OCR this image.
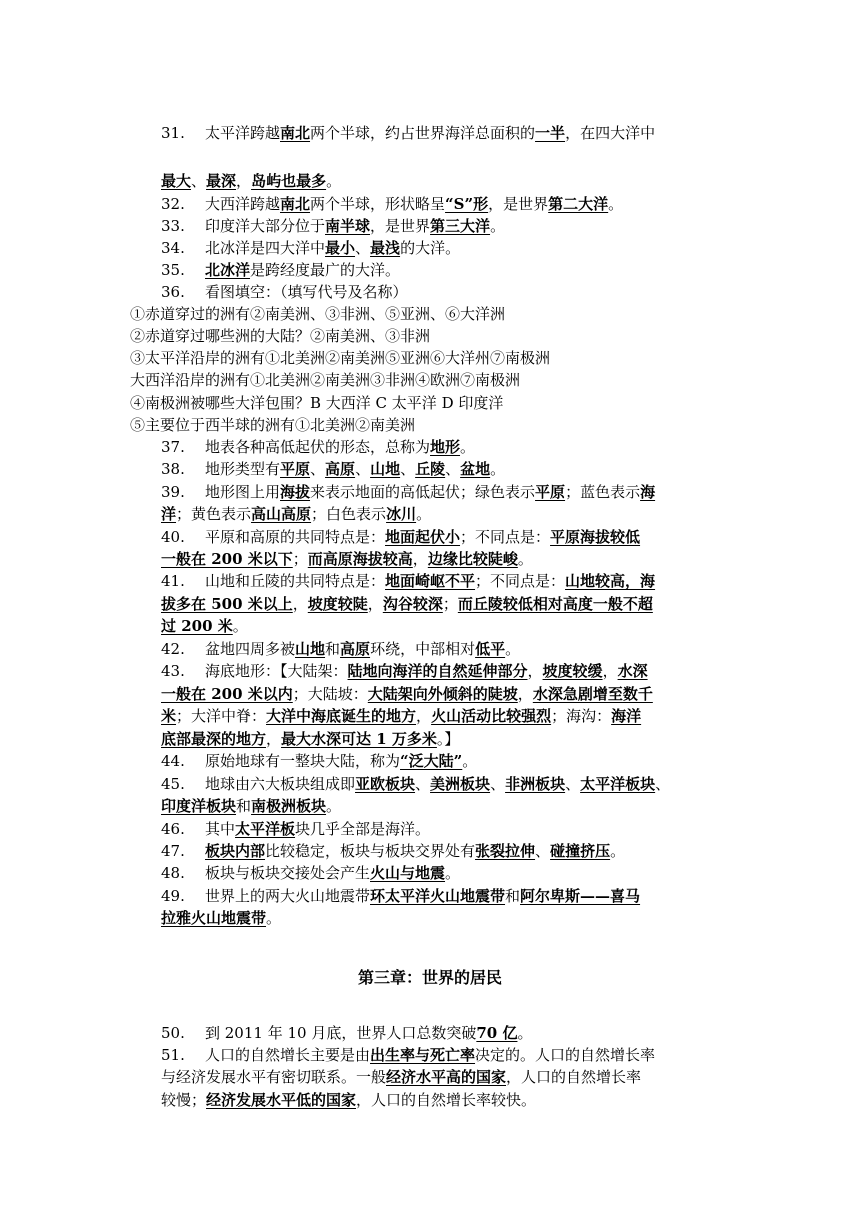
第三章：世界的居民
31. 太平洋跨越南北两个半球，约占世界海洋总面积的一半，在四大洋中
最大、最深，岛屿也最多。
32. 大西洋跨越南北两个半球，形状略呈“S”形，是世界第二大洋。
33. 印度洋大部分位于南半球，是世界第三大洋。
34. 北冰洋是四大洋中最小、最浅的大洋。
35. 北冰洋是跨经度最广的大洋。
36. 看图填空：（填写代号及名称）
①赤道穿过的洲有②南美洲、③非洲、⑤亚洲、⑥大洋洲
②赤道穿过哪些洲的大陆？②南美洲、③非洲
③太平洋沿岸的洲有①北美洲②南美洲⑤亚洲⑥大洋州⑦南极洲
大西洋沿岸的洲有①北美洲②南美洲③非洲④欧洲⑦南极洲
④南极洲被哪些大洋包围？B 大西洋 C 太平洋 D 印度洋
⑤主要位于西半球的洲有①北美洲②南美洲
37. 地表各种高低起伏的形态，总称为地形。
38. 地形类型有平原、高原、山地、丘陵、盆地。
39. 地形图上用海拔来表示地面的高低起伏；绿色表示平原；蓝色表示海
洋；黄色表示高山高原；白色表示冰川。
40. 平原和高原的共同特点是：地面起伏小；不同点是：平原海拔较低
一般在 200 米以下；而高原海拔较高，边缘比较陡峻。
41. 山地和丘陵的共同特点是：地面崎岖不平；不同点是：山地较高，海
拔多在 500 米以上，坡度较陡，沟谷较深；而丘陵较低相对高度一般不超
过 200 米。
42. 盆地四周多被山地和高原环绕，中部相对低平。
43. 海底地形：【大陆架：陆地向海洋的自然延伸部分，坡度较缓，水深
一般在 200 米以内；大陆坡：大陆架向外倾斜的陡坡，水深急剧增至数千
米；大洋中脊：大洋中海底诞生的地方，火山活动比较强烈；海沟：海洋
底部最深的地方，最大水深可达 1 万多米。】
44. 原始地球有一整块大陆，称为“泛大陆”。
45. 地球由六大板块组成即亚欧板块、美洲板块、非洲板块、太平洋板块、
印度洋板块和南极洲板块。
46. 其中太平洋板块几乎全部是海洋。
47. 板块内部比较稳定，板块与板块交界处有张裂拉伸、碰撞挤压。
48. 板块与板块交接处会产生火山与地震。
49. 世界上的两大火山地震带环太平洋火山地震带和阿尔卑斯——喜马
拉雅火山地震带。
50. 到 2011 年 10 月底，世界人口总数突破70 亿。
51. 人口的自然增长主要是由出生率与死亡率决定的。人口的自然增长率
与经济发展水平有密切联系。一般经济水平高的国家，人口的自然增长率
较慢；经济发展水平低的国家，人口的自然增长率较快。
